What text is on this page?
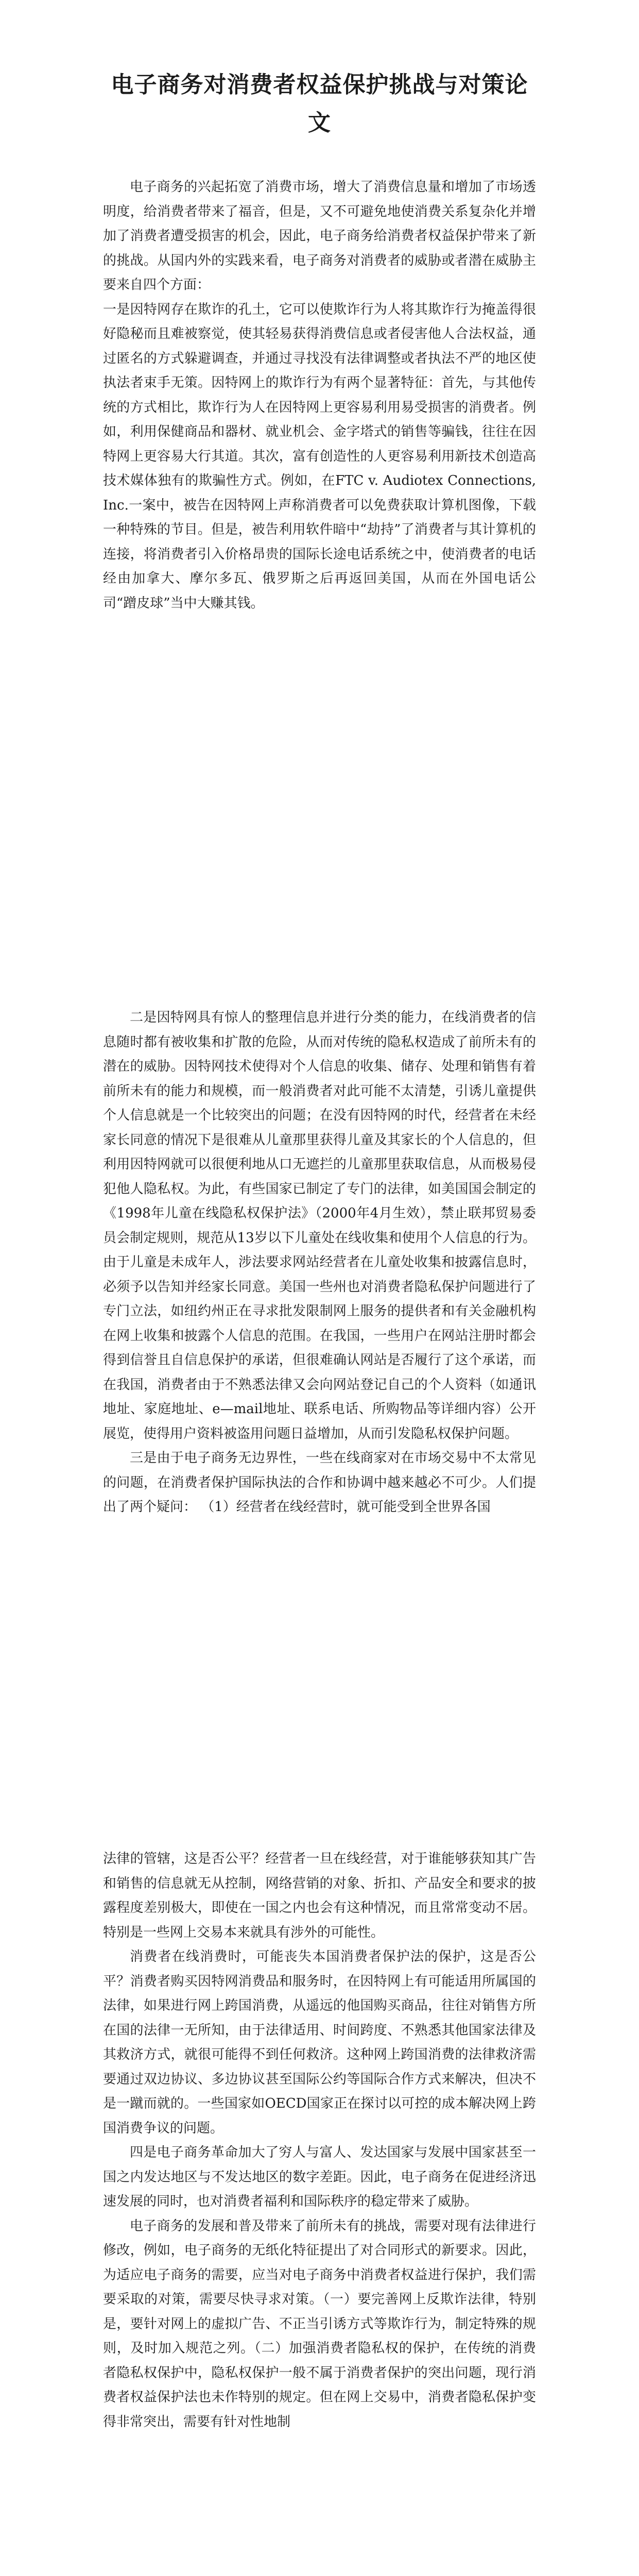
电子商务对消费者权益保护挑战与对策论文

电子商务的兴起拓宽了消费市场，增大了消费信息量和增加了市场透明度，给消费者带来了福音，但是，又不可避免地使消费关系复杂化并增加了消费者遭受损害的机会，因此，电子商务给消费者权益保护带来了新的挑战。从国内外的实践来看，电子商务对消费者的威胁或者潜在威胁主要来自四个方面：

一是因特网存在欺诈的孔土，它可以使欺诈行为人将其欺诈行为掩盖得很好隐秘而且难被察觉，使其轻易获得消费信息或者侵害他人合法权益，通过匿名的方式躲避调查，并通过寻找没有法律调整或者执法不严的地区使执法者束手无策。因特网上的欺诈行为有两个显著特征：首先，与其他传统的方式相比，欺诈行为人在因特网上更容易利用易受损害的消费者。例如，利用保健商品和器材、就业机会、金字塔式的销售等骗钱，往往在因特网上更容易大行其道。其次，富有创造性的人更容易利用新技术创造高技术媒体独有的欺骗性方式。例如，在FTC v. Audiotex Connections, Inc.一案中，被告在因特网上声称消费者可以免费获取计算机图像，下载一种特殊的节目。但是，被告利用软件暗中“劫持”了消费者与其计算机的连接，将消费者引入价格昂贵的国际长途电话系统之中，使消费者的电话经由加拿大、摩尔多瓦、俄罗斯之后再返回美国，从而在外国电话公司“蹭皮球”当中大赚其钱。

二是因特网具有惊人的整理信息并进行分类的能力，在线消费者的信息随时都有被收集和扩散的危险，从而对传统的隐私权造成了前所未有的潜在的威胁。因特网技术使得对个人信息的收集、储存、处理和销售有着前所未有的能力和规模，而一般消费者对此可能不太清楚，引诱儿童提供个人信息就是一个比较突出的问题；在没有因特网的时代，经营者在未经家长同意的情况下是很难从儿童那里获得儿童及其家长的个人信息的，但利用因特网就可以很便利地从口无遮拦的儿童那里获取信息，从而极易侵犯他人隐私权。为此，有些国家已制定了专门的法律，如美国国会制定的《1998年儿童在线隐私权保护法》（2000年4月生效），禁止联邦贸易委员会制定规则，规范从13岁以下儿童处在线收集和使用个人信息的行为。由于儿童是未成年人，涉法要求网站经营者在儿童处收集和披露信息时，必须予以告知并经家长同意。美国一些州也对消费者隐私保护问题进行了专门立法，如纽约州正在寻求批发限制网上服务的提供者和有关金融机构在网上收集和披露个人信息的范围。在我国，一些用户在网站注册时都会得到信誉且自信息保护的承诺，但很难确认网站是否履行了这个承诺，而在我国，消费者由于不熟悉法律又会向网站登记自己的个人资料（如通讯地址、家庭地址、e—mail地址、联系电话、所购物品等详细内容）公开展览，使得用户资料被盗用问题日益增加，从而引发隐私权保护问题。

三是由于电子商务无边界性，一些在线商家对在市场交易中不太常见的问题，在消费者保护国际执法的合作和协调中越来越必不可少。人们提出了两个疑问： （1）经营者在线经营时，就可能受到全世界各国

法律的管辖，这是否公平？经营者一旦在线经营，对于谁能够获知其广告和销售的信息就无从控制，网络营销的对象、折扣、产品安全和要求的披露程度差别极大，即使在一国之内也会有这种情况，而且常常变动不居。特别是一些网上交易本来就具有涉外的可能性。

消费者在线消费时，可能丧失本国消费者保护法的保护，这是否公平？消费者购买因特网消费品和服务时，在因特网上有可能适用所属国的法律，如果进行网上跨国消费，从遥远的他国购买商品，往往对销售方所在国的法律一无所知，由于法律适用、时间跨度、不熟悉其他国家法律及其救济方式，就很可能得不到任何救济。这种网上跨国消费的法律救济需要通过双边协议、多边协议甚至国际公约等国际合作方式来解决，但决不是一蹴而就的。一些国家如OECD国家正在探讨以可控的成本解决网上跨国消费争议的问题。

四是电子商务革命加大了穷人与富人、发达国家与发展中国家甚至一国之内发达地区与不发达地区的数字差距。因此，电子商务在促进经济迅速发展的同时，也对消费者福利和国际秩序的稳定带来了威胁。

电子商务的发展和普及带来了前所未有的挑战，需要对现有法律进行修改，例如，电子商务的无纸化特征提出了对合同形式的新要求。因此，为适应电子商务的需要，应当对电子商务中消费者权益进行保护，我们需要采取的对策，需要尽快寻求对策。（一）要完善网上反欺诈法律，特别是，要针对网上的虚拟广告、不正当引诱方式等欺诈行为，制定特殊的规则，及时加入规范之列。（二）加强消费者隐私权的保护，在传统的消费者隐私权保护中，隐私权保护一般不属于消费者保护的突出问题，现行消费者权益保护法也未作特别的规定。但在网上交易中，消费者隐私保护变得非常突出，需要有针对性地制
